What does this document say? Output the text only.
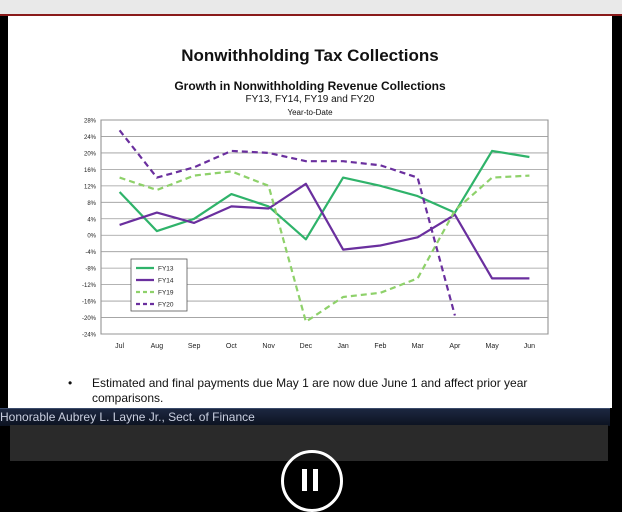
Nonwithholding Tax Collections
Growth in Nonwithholding Revenue Collections
FY13, FY14, FY19 and FY20
Year-to-Date
28%
24%
20%
16%
12%
8%
4%
0%
-4%
-8%
-12%
-16%
-20%
-24%
Jul	Aug	Sep	Oct	Nov	Dec	Jan	Feb	Mar	Apr	May	Jun
FY13
FY14
FY19
FY20
• Estimated and final payments due May 1 are now due June 1 and affect prior year comparisons.
Honorable Aubrey L. Layne Jr., Sect. of Finance
